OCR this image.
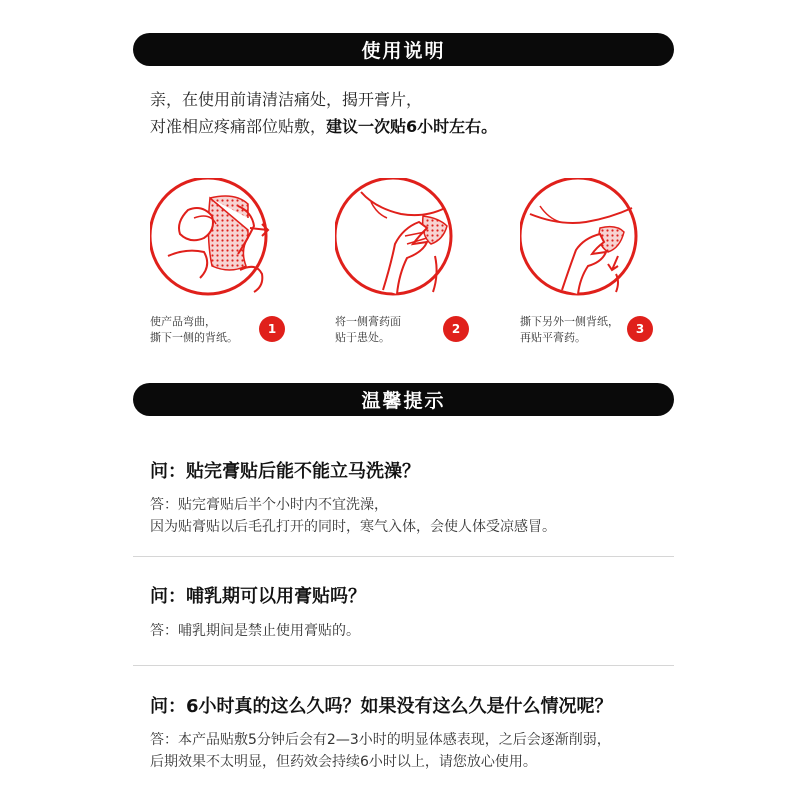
使用说明
亲，在使用前请清洁痛处，揭开膏片，
对准相应疼痛部位贴敷，建议一次贴6小时左右。
使产品弯曲，
撕下一侧的背纸。
1
将一侧膏药面
贴于患处。
2
撕下另外一侧背纸，
再贴平膏药。
3
温馨提示
问：贴完膏贴后能不能立马洗澡？
答：贴完膏贴后半个小时内不宜洗澡，
因为贴膏贴以后毛孔打开的同时，寒气入体，会使人体受凉感冒。
问：哺乳期可以用膏贴吗？
答：哺乳期间是禁止使用膏贴的。
问：6小时真的这么久吗？如果没有这么久是什么情况呢？
答：本产品贴敷5分钟后会有2—3小时的明显体感表现，之后会逐渐削弱，
后期效果不太明显，但药效会持续6小时以上，请您放心使用。
